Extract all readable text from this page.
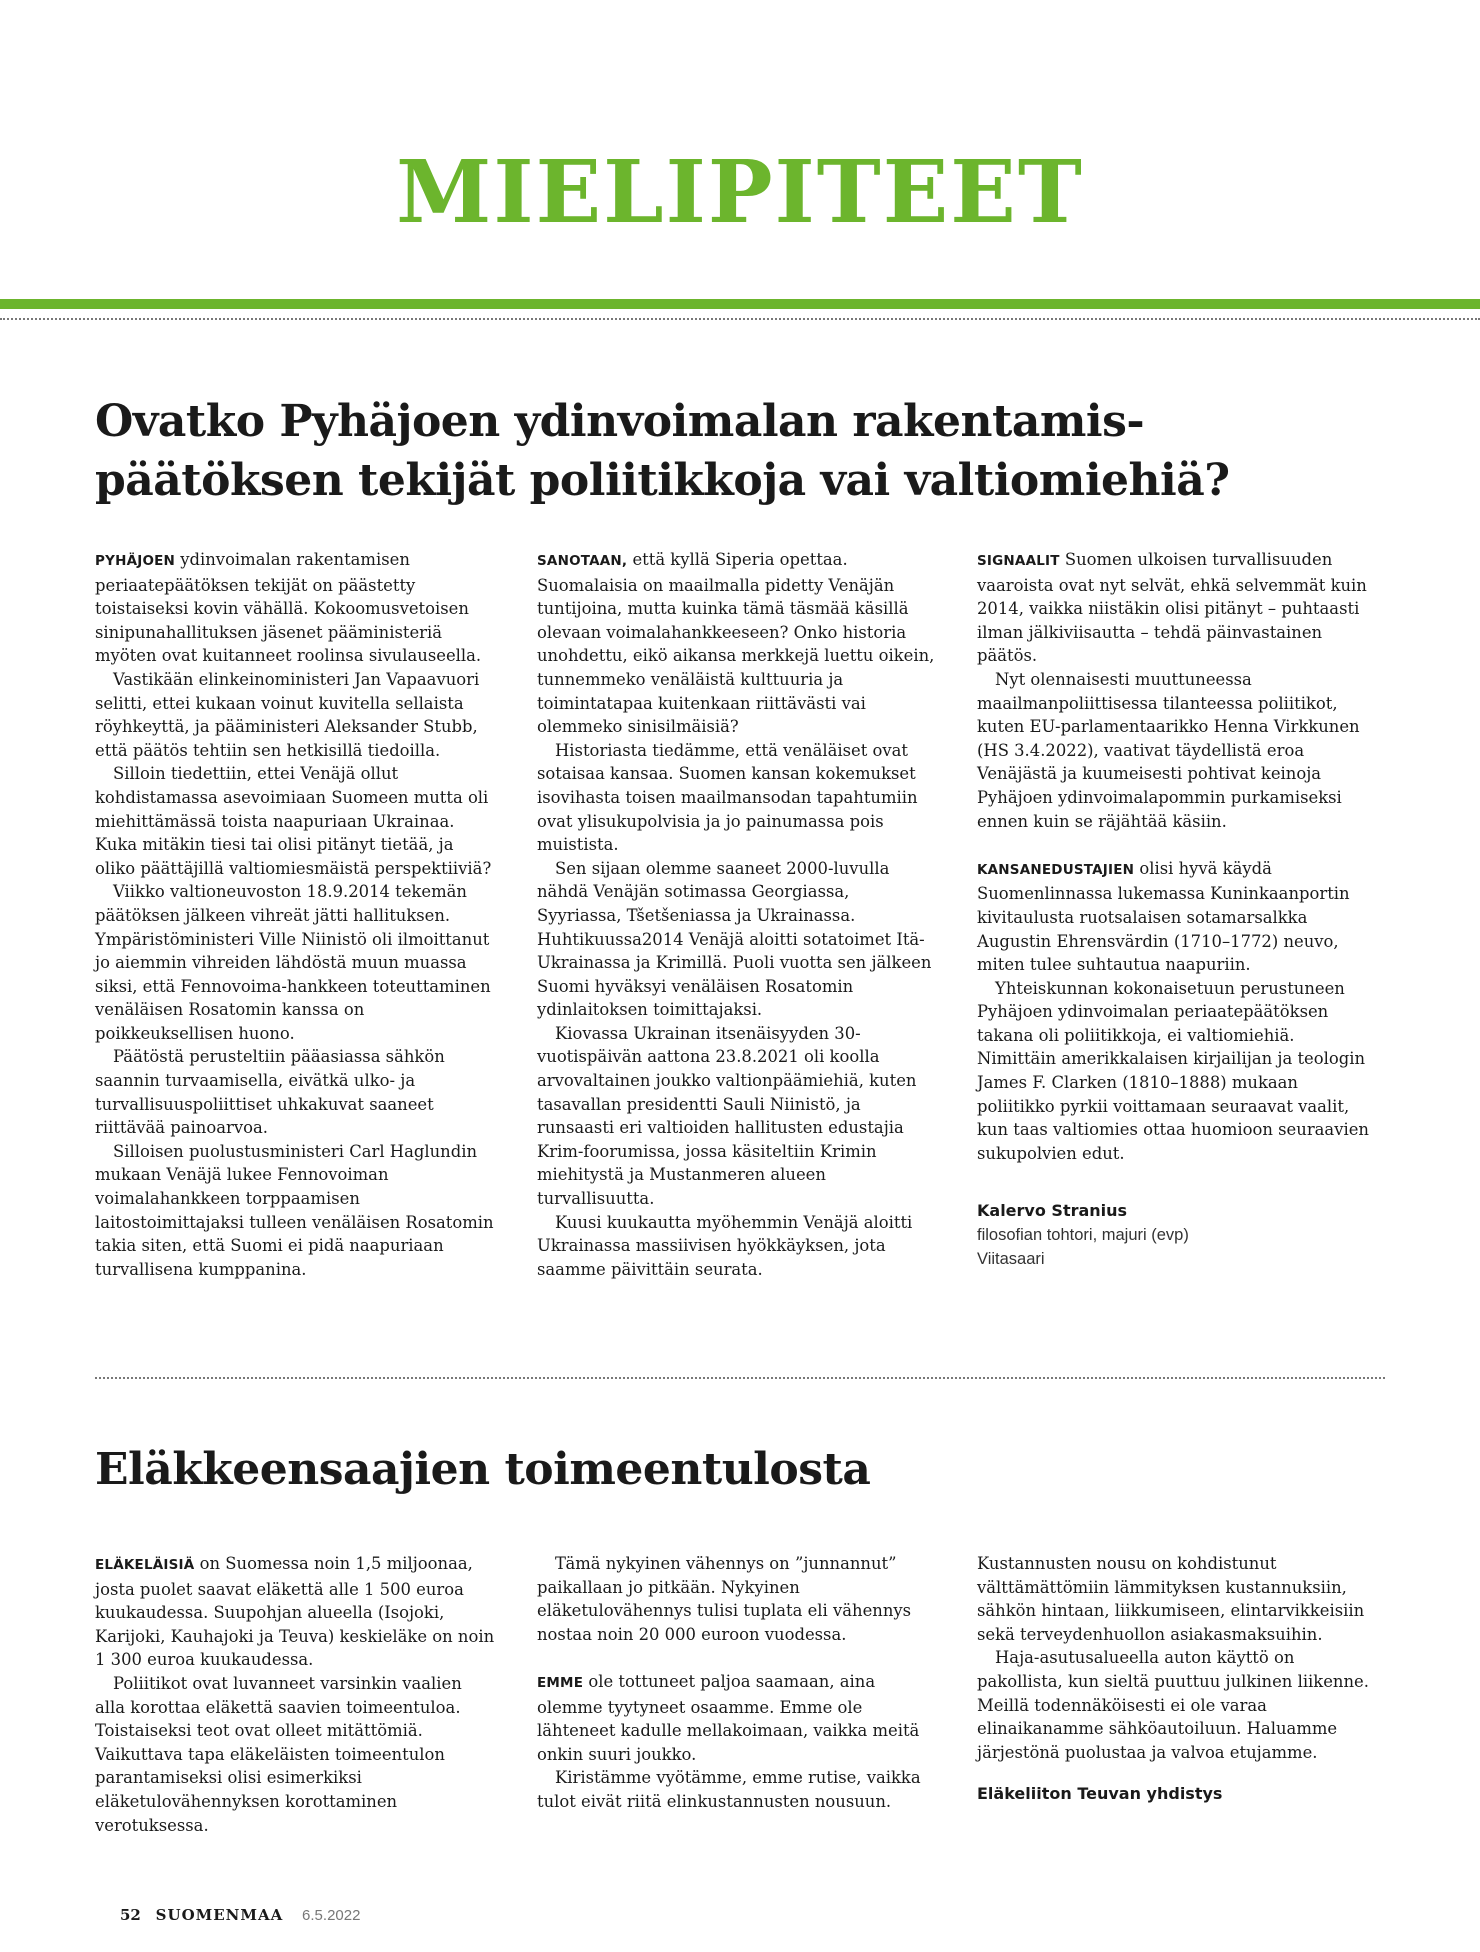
MIELIPITEET
Ovatko Pyhäjoen ydinvoimalan rakentamis-
päätöksen tekijät poliitikkoja vai valtiomiehiä?

PYHÄJOEN ydinvoimalan rakentamisen periaatepäätöksen tekijät on päästetty toistaiseksi kovin vähällä. Kokoomusvetoisen sinipunahallituksen jäsenet pääministeriä myöten ovat kuitanneet roolinsa sivulauseella.

Vastikään elinkeinoministeri Jan Vapaavuori selitti, ettei kukaan voinut kuvitella sellaista röyhkeyttä, ja pääministeri Aleksander Stubb, että päätös tehtiin sen hetkisillä tiedoilla.

Silloin tiedettiin, ettei Venäjä ollut kohdistamassa asevoimiaan Suomeen mutta oli miehittämässä toista naapuriaan Ukrainaa. Kuka mitäkin tiesi tai olisi pitänyt tietää, ja oliko päättäjillä valtiomiesmäistä perspektiiviä?

Viikko valtioneuvoston 18.9.2014 tekemän päätöksen jälkeen vihreät jätti hallituksen. Ympäristöministeri Ville Niinistö oli ilmoittanut jo aiemmin vihreiden lähdöstä muun muassa siksi, että Fennovoima-hankkeen toteuttaminen venäläisen Rosatomin kanssa on poikkeuksellisen huono.

Päätöstä perusteltiin pääasiassa sähkön saannin turvaamisella, eivätkä ulko- ja turvallisuuspoliittiset uhkakuvat saaneet riittävää painoarvoa.

Silloisen puolustusministeri Carl Haglundin mukaan Venäjä lukee Fennovoiman voimalahankkeen torppaamisen laitostoimittajaksi tulleen venäläisen Rosatomin takia siten, että Suomi ei pidä naapuriaan turvallisena kumppanina.

SANOTAAN, että kyllä Siperia opettaa. Suomalaisia on maailmalla pidetty Venäjän tuntijoina, mutta kuinka tämä täsmää käsillä olevaan voimalahankkeeseen? Onko historia unohdettu, eikö aikansa merkkejä luettu oikein, tunnemmeko venäläistä kulttuuria ja toimintatapaa kuitenkaan riittävästi vai olemmeko sinisilmäisiä?

Historiasta tiedämme, että venäläiset ovat sotaisaa kansaa. Suomen kansan kokemukset isovihasta toisen maailmansodan tapahtumiin ovat ylisukupolvisia ja jo painumassa pois muistista.

Sen sijaan olemme saaneet 2000-luvulla nähdä Venäjän sotimassa Georgiassa, Syyriassa, Tšetšeniassa ja Ukrainassa. Huhtikuussa2014 Venäjä aloitti sotatoimet Itä-Ukrainassa ja Krimillä. Puoli vuotta sen jälkeen Suomi hyväksyi venäläisen Rosatomin ydinlaitoksen toimittajaksi.

Kiovassa Ukrainan itsenäisyyden 30-vuotispäivän aattona 23.8.2021 oli koolla arvovaltainen joukko valtionpäämiehiä, kuten tasavallan presidentti Sauli Niinistö, ja runsaasti eri valtioiden hallitusten edustajia Krim-foorumissa, jossa käsiteltiin Krimin miehitystä ja Mustanmeren alueen turvallisuutta.

Kuusi kuukautta myöhemmin Venäjä aloitti Ukrainassa massiivisen hyökkäyksen, jota saamme päivittäin seurata.

SIGNAALIT Suomen ulkoisen turvallisuuden vaaroista ovat nyt selvät, ehkä selvemmät kuin 2014, vaikka niistäkin olisi pitänyt – puhtaasti ilman jälkiviisautta – tehdä päinvastainen päätös.

Nyt olennaisesti muuttuneessa maailmanpoliittisessa tilanteessa poliitikot, kuten EU-parlamentaarikko Henna Virkkunen (HS 3.4.2022), vaativat täydellistä eroa Venäjästä ja kuumeisesti pohtivat keinoja Pyhäjoen ydinvoimalapommin purkamiseksi ennen kuin se räjähtää käsiin.

KANSANEDUSTAJIEN olisi hyvä käydä Suomenlinnassa lukemassa Kuninkaanportin kivitaulusta ruotsalaisen sotamarsalkka Augustin Ehrensvärdin (1710–1772) neuvo, miten tulee suhtautua naapuriin.

Yhteiskunnan kokonaisetuun perustuneen Pyhäjoen ydinvoimalan periaatepäätöksen takana oli poliitikkoja, ei valtiomiehiä. Nimittäin amerikkalaisen kirjailijan ja teologin James F. Clarken (1810–1888) mukaan poliitikko pyrkii voittamaan seuraavat vaalit, kun taas valtiomies ottaa huomioon seuraavien sukupolvien edut.

Kalervo Stranius
filosofian tohtori, majuri (evp)
Viitasaari
Eläkkeensaajien toimeentulosta

ELÄKELÄISIÄ on Suomessa noin 1,5 miljoonaa, josta puolet saavat eläkettä alle 1 500 euroa kuukaudessa. Suupohjan alueella (Isojoki, Karijoki, Kauhajoki ja Teuva) keskieläke on noin 1 300 euroa kuukaudessa.

Poliitikot ovat luvanneet varsinkin vaalien alla korottaa eläkettä saavien toimeentuloa. Toistaiseksi teot ovat olleet mitättömiä. Vaikuttava tapa eläkeläisten toimeentulon parantamiseksi olisi esimerkiksi eläketulovähennyksen korottaminen verotuksessa.

Tämä nykyinen vähennys on ”junnannut” paikallaan jo pitkään. Nykyinen eläketulovähennys tulisi tuplata eli vähennys nostaa noin 20 000 euroon vuodessa.

EMME ole tottuneet paljoa saamaan, aina olemme tyytyneet osaamme. Emme ole lähteneet kadulle mellakoimaan, vaikka meitä onkin suuri joukko.

Kiristämme vyötämme, emme rutise, vaikka tulot eivät riitä elinkustannusten nousuun.

Kustannusten nousu on kohdistunut välttämättömiin lämmityksen kustannuksiin, sähkön hintaan, liikkumiseen, elintarvikkeisiin sekä terveydenhuollon asiakasmaksuihin.

Haja-asutusalueella auton käyttö on pakollista, kun sieltä puuttuu julkinen liikenne. Meillä todennäköisesti ei ole varaa elinaikanamme sähköautoiluun. Haluamme järjestönä puolustaa ja valvoa etujamme.

Eläkeliiton Teuvan yhdistys
52 SUOMENMAA 6.5.2022
